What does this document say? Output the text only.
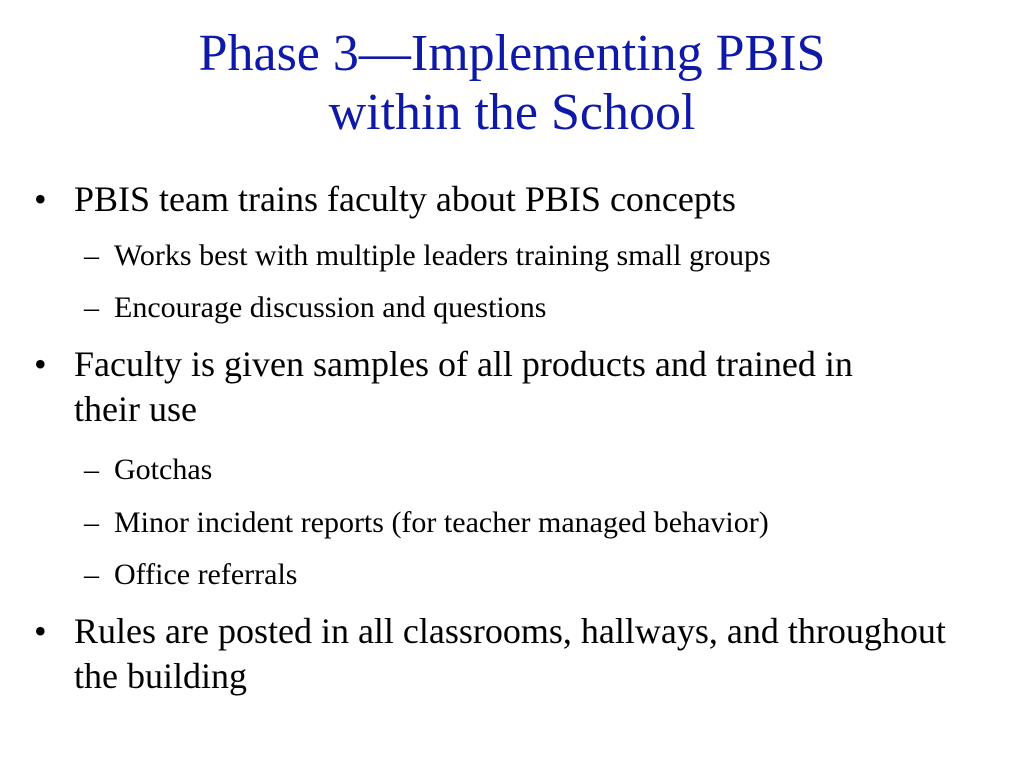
Phase 3—Implementing PBIS
within the School
• PBIS team trains faculty about PBIS concepts
– Works best with multiple leaders training small groups
– Encourage discussion and questions
• Faculty is given samples of all products and trained in their use
– Gotchas
– Minor incident reports (for teacher managed behavior)
– Office referrals
• Rules are posted in all classrooms, hallways, and throughout the building
